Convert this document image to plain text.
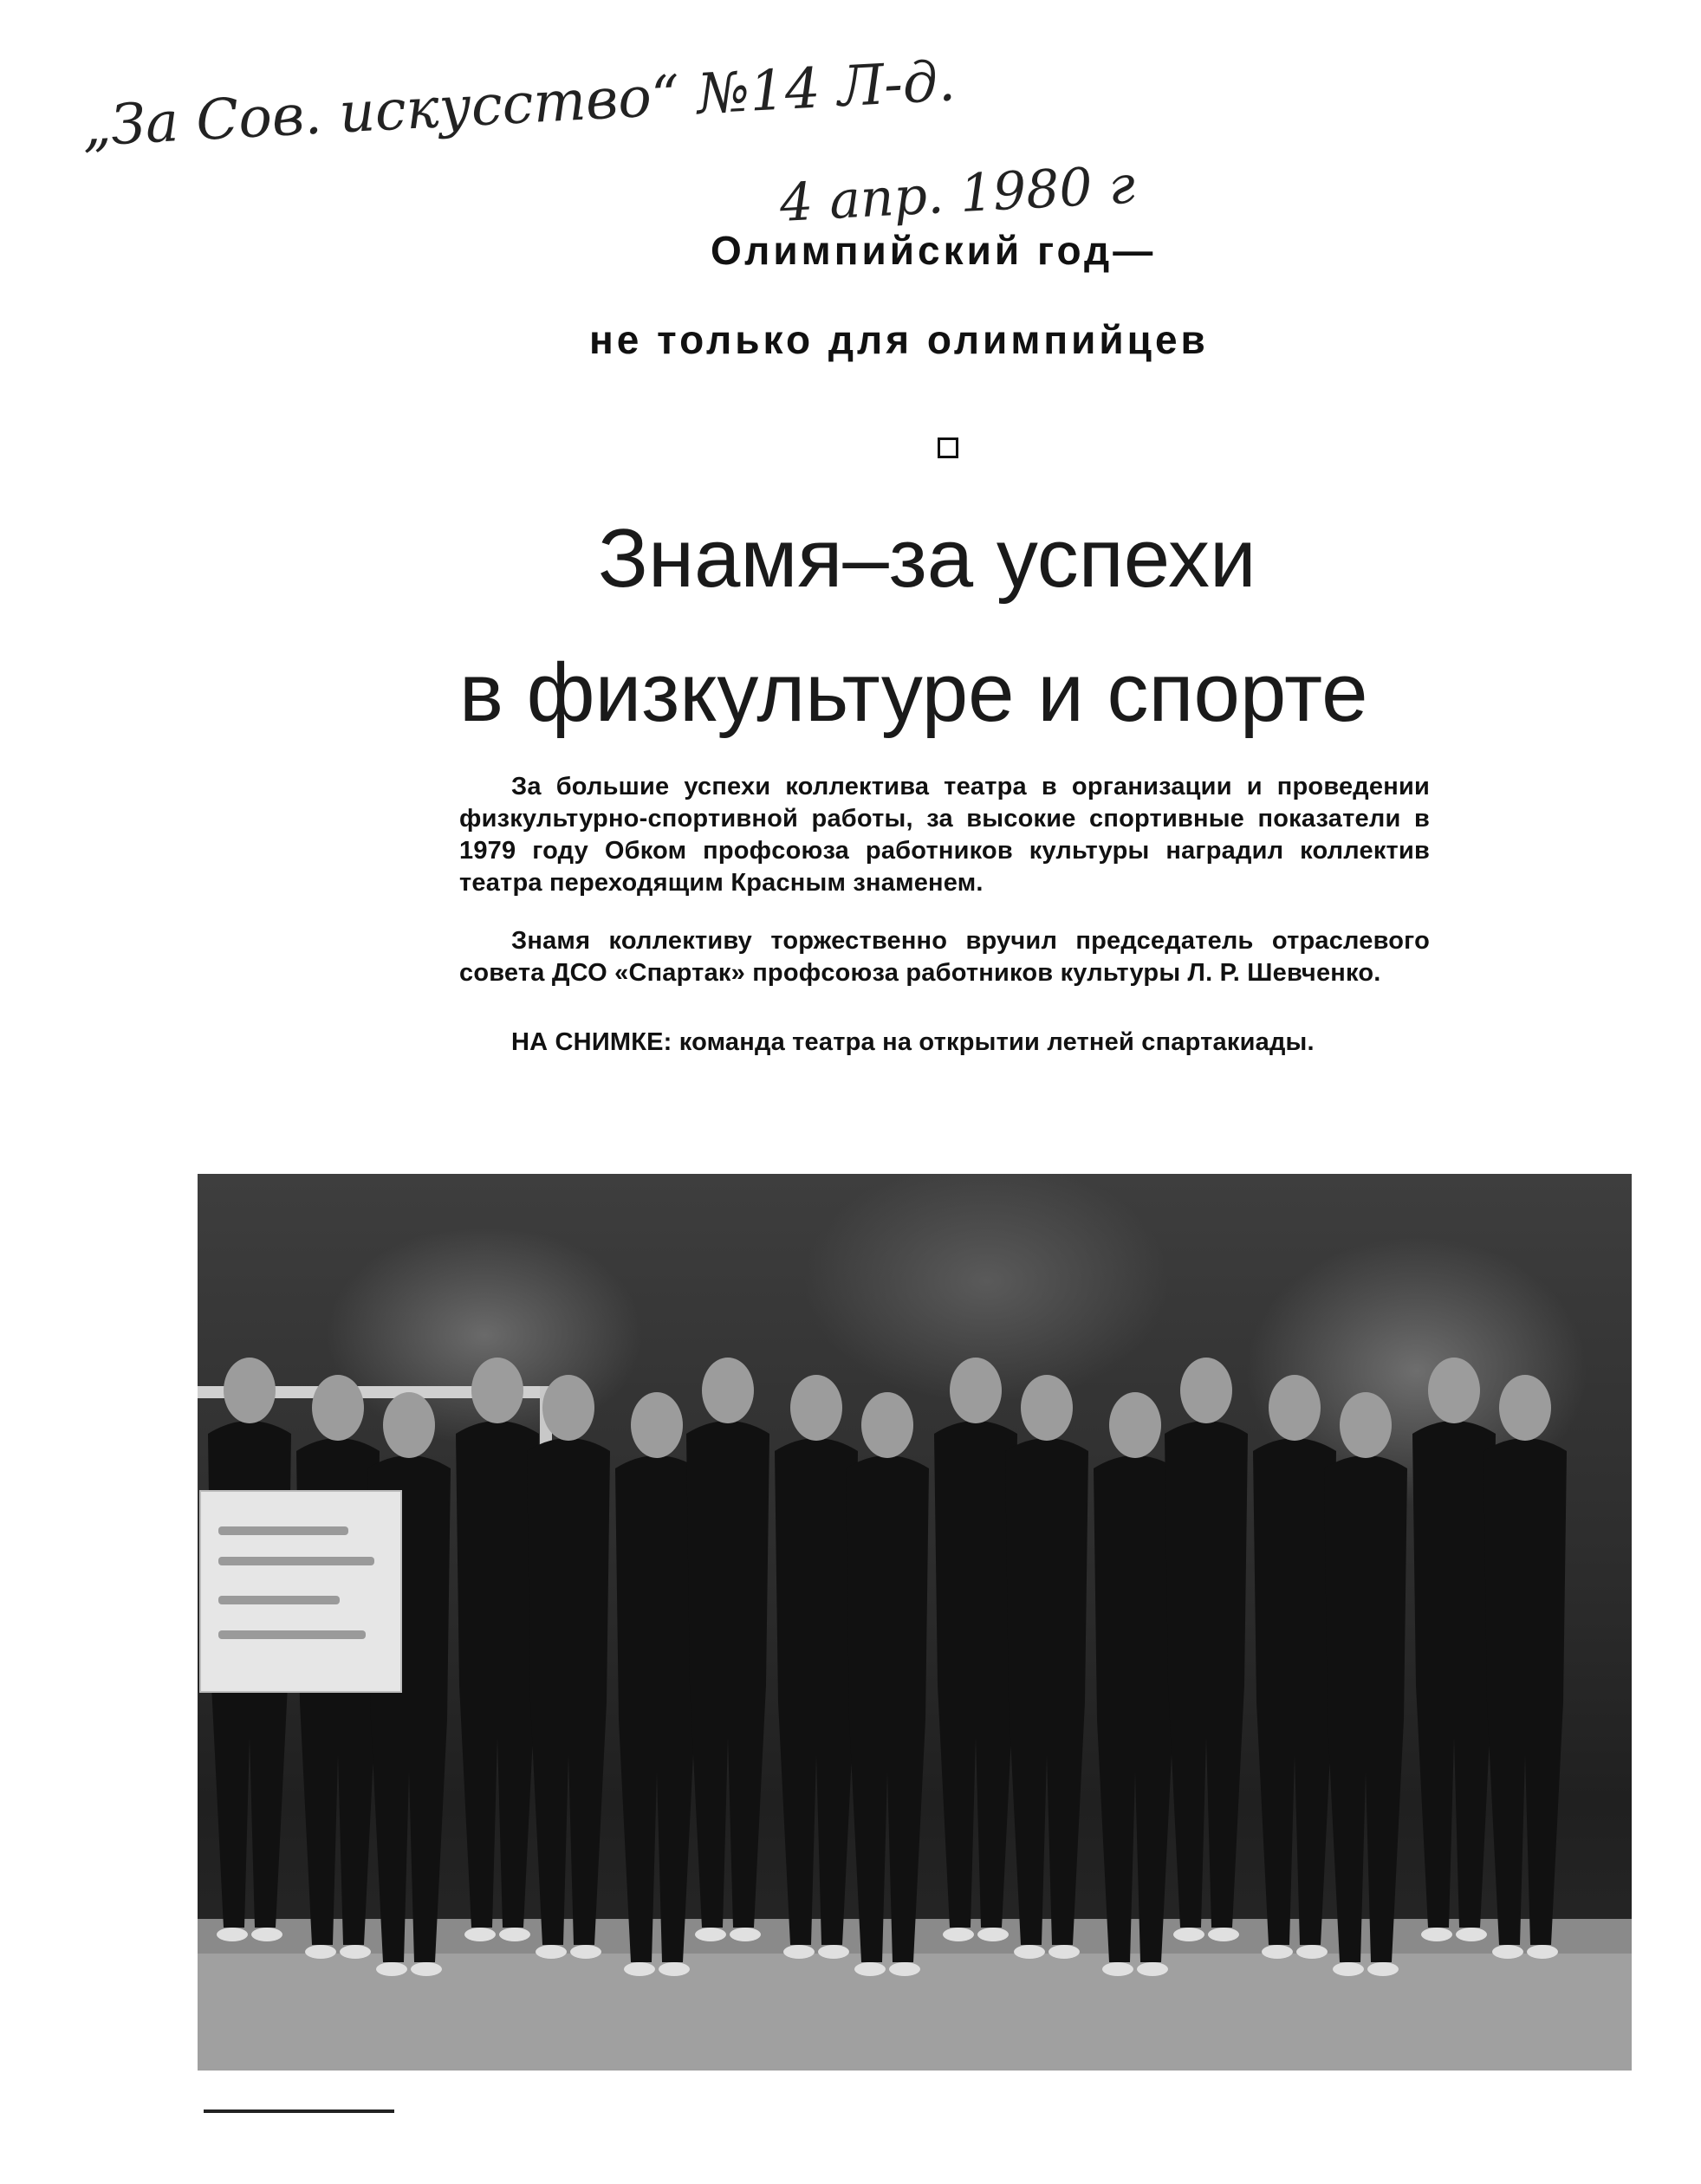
„За Сов. искусство“ №14 Л-д.
4 апр. 1980 г
Олимпийский год—
не только для олимпийцев
Знамя–за успехи
в физкультуре и спорте
За большие успехи коллектива театра в организации и проведении физкультурно-спортивной работы, за высокие спортивные показатели в 1979 году Обком профсоюза работников культуры наградил коллектив театра переходящим Красным знаменем.
Знамя коллективу торжественно вручил председатель отраслевого совета ДСО «Спартак» профсоюза работников культуры Л. Р. Шевченко.
НА СНИМКЕ: команда театра на открытии летней спартакиады.
